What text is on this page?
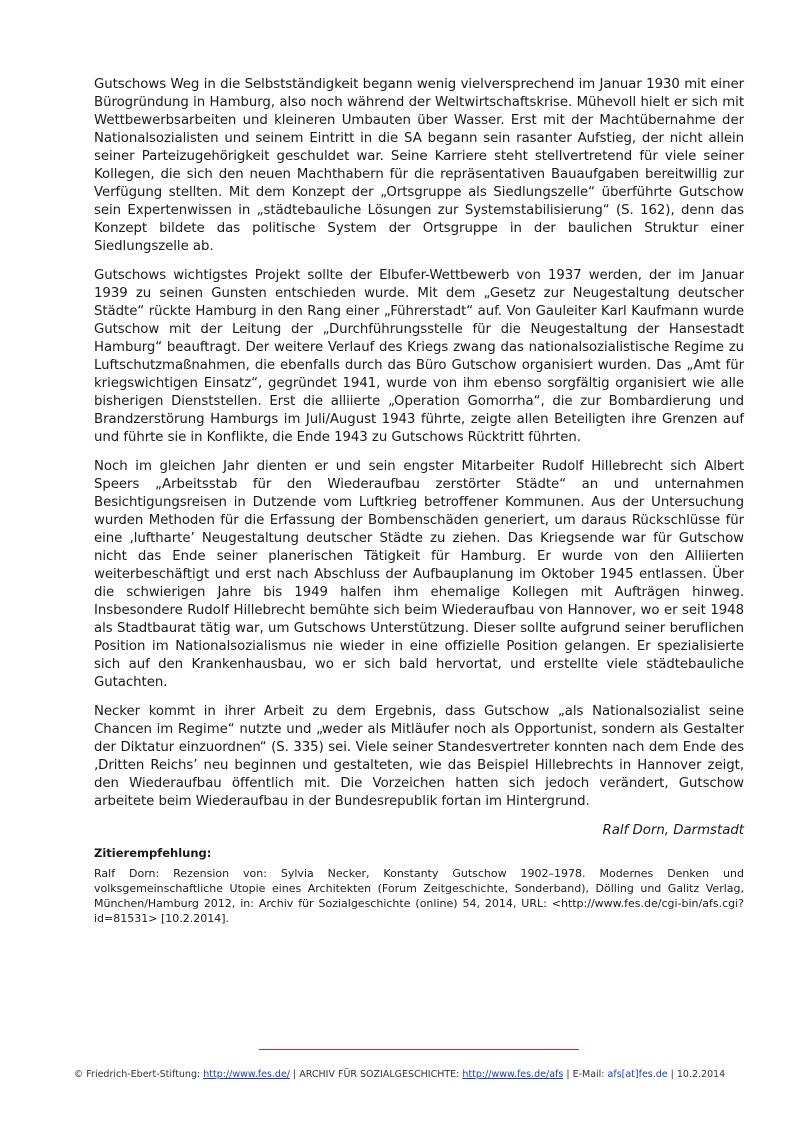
Gutschows Weg in die Selbstständigkeit begann wenig vielversprechend im Januar 1930 mit einer Bürogründung in Hamburg, also noch während der Weltwirtschaftskrise. Mühevoll hielt er sich mit Wettbewerbsarbeiten und kleineren Umbauten über Wasser. Erst mit der Machtübernahme der Nationalsozialisten und seinem Eintritt in die SA begann sein rasanter Aufstieg, der nicht allein seiner Parteizugehörigkeit geschuldet war. Seine Karriere steht stellvertretend für viele seiner Kollegen, die sich den neuen Machthabern für die repräsentativen Bauaufgaben bereitwillig zur Verfügung stellten. Mit dem Konzept der „Ortsgruppe als Siedlungszelle“ überführte Gutschow sein Expertenwissen in „städtebauliche Lösungen zur Systemstabilisierung“ (S. 162), denn das Konzept bildete das politische System der Ortsgruppe in der baulichen Struktur einer Siedlungszelle ab.

Gutschows wichtigstes Projekt sollte der Elbufer-Wettbewerb von 1937 werden, der im Januar 1939 zu seinen Gunsten entschieden wurde. Mit dem „Gesetz zur Neugestaltung deutscher Städte“ rückte Hamburg in den Rang einer „Führerstadt“ auf. Von Gauleiter Karl Kaufmann wurde Gutschow mit der Leitung der „Durchführungsstelle für die Neugestaltung der Hansestadt Hamburg“ beauftragt. Der weitere Verlauf des Kriegs zwang das nationalsozialistische Regime zu Luftschutzmaßnahmen, die ebenfalls durch das Büro Gutschow organisiert wurden. Das „Amt für kriegswichtigen Einsatz“, gegründet 1941, wurde von ihm ebenso sorgfältig organisiert wie alle bisherigen Dienststellen. Erst die alliierte „Operation Gomorrha“, die zur Bombardierung und Brandzerstörung Hamburgs im Juli/August 1943 führte, zeigte allen Beteiligten ihre Grenzen auf und führte sie in Konflikte, die Ende 1943 zu Gutschows Rücktritt führten.

Noch im gleichen Jahr dienten er und sein engster Mitarbeiter Rudolf Hillebrecht sich Albert Speers „Arbeitsstab für den Wiederaufbau zerstörter Städte“ an und unternahmen Besichtigungsreisen in Dutzende vom Luftkrieg betroffener Kommunen. Aus der Untersuchung wurden Methoden für die Erfassung der Bombenschäden generiert, um daraus Rückschlüsse für eine ‚luftharte’ Neugestaltung deutscher Städte zu ziehen. Das Kriegsende war für Gutschow nicht das Ende seiner planerischen Tätigkeit für Hamburg. Er wurde von den Alliierten weiterbeschäftigt und erst nach Abschluss der Aufbauplanung im Oktober 1945 entlassen. Über die schwierigen Jahre bis 1949 halfen ihm ehemalige Kollegen mit Aufträgen hinweg. Insbesondere Rudolf Hillebrecht bemühte sich beim Wiederaufbau von Hannover, wo er seit 1948 als Stadtbaurat tätig war, um Gutschows Unterstützung. Dieser sollte aufgrund seiner beruflichen Position im Nationalsozialismus nie wieder in eine offizielle Position gelangen. Er spezialisierte sich auf den Krankenhausbau, wo er sich bald hervortat, und erstellte viele städtebauliche Gutachten.

Necker kommt in ihrer Arbeit zu dem Ergebnis, dass Gutschow „als Nationalsozialist seine Chancen im Regime“ nutzte und „weder als Mitläufer noch als Opportunist, sondern als Gestalter der Diktatur einzuordnen“ (S. 335) sei. Viele seiner Standesvertreter konnten nach dem Ende des ‚Dritten Reichs’ neu beginnen und gestalteten, wie das Beispiel Hillebrechts in Hannover zeigt, den Wiederaufbau öffentlich mit. Die Vorzeichen hatten sich jedoch verändert, Gutschow arbeitete beim Wiederaufbau in der Bundesrepublik fortan im Hintergrund.

Ralf Dorn, Darmstadt

Zitierempfehlung:

Ralf Dorn: Rezension von: Sylvia Necker, Konstanty Gutschow 1902–1978. Modernes Denken und volksgemeinschaftliche Utopie eines Architekten (Forum Zeitgeschichte, Sonderband), Dölling und Galitz Verlag, München/Hamburg 2012, in: Archiv für Sozialgeschichte (online) 54, 2014, URL: <http://www.fes.de/cgi-bin/afs.cgi?id=81531> [10.2.2014].

© Friedrich-Ebert-Stiftung: http://www.fes.de/ | ARCHIV FÜR SOZIALGESCHICHTE: http://www.fes.de/afs | E-Mail: afs[at]fes.de | 10.2.2014
